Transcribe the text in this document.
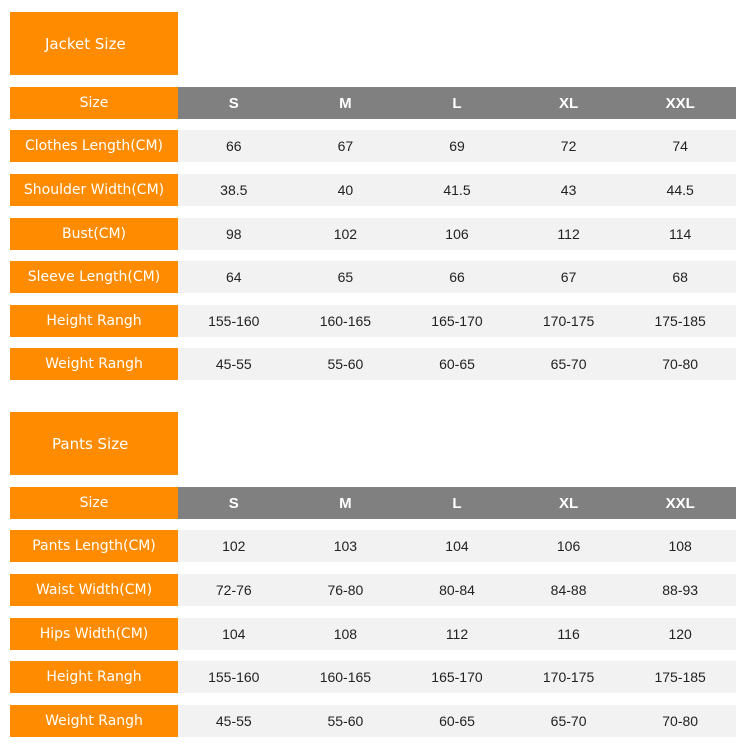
Jacket Size
Size	S	M	L	XL	XXL
Clothes Length(CM)	66	67	69	72	74
Shoulder Width(CM)	38.5	40	41.5	43	44.5
Bust(CM)	98	102	106	112	114
Sleeve Length(CM)	64	65	66	67	68
Height Rangh	155-160	160-165	165-170	170-175	175-185
Weight Rangh	45-55	55-60	60-65	65-70	70-80
Pants Size
Size	S	M	L	XL	XXL
Pants Length(CM)	102	103	104	106	108
Waist Width(CM)	72-76	76-80	80-84	84-88	88-93
Hips Width(CM)	104	108	112	116	120
Height Rangh	155-160	160-165	165-170	170-175	175-185
Weight Rangh	45-55	55-60	60-65	65-70	70-80
